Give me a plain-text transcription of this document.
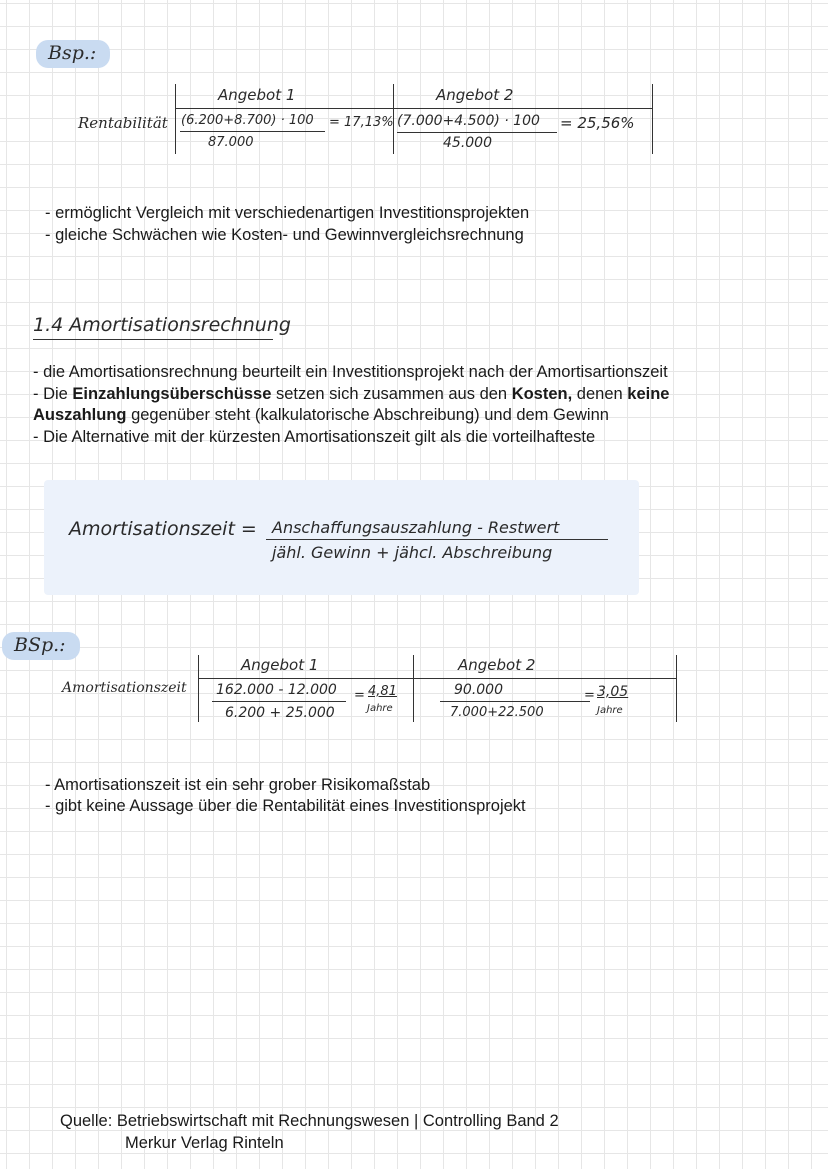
Bsp.:
Rentabilität
Angebot 1	Angebot 2
(6.200+8.700) · 100
87.000
= 17,13% (7.000+4.500) · 100
45.000
= 25,56%
- ermöglicht Vergleich mit verschiedenartigen Investitionsprojekten
- gleiche Schwächen wie Kosten- und Gewinnvergleichsrechnung
1.4 Amortisationsrechnung
- die Amortisationsrechnung beurteilt ein Investitionsprojekt nach der Amortisartionszeit
- Die Einzahlungsüberschüsse setzen sich zusammen aus den Kosten, denen keine
Auszahlung gegenüber steht (kalkulatorische Abschreibung) und dem Gewinn
- Die Alternative mit der kürzesten Amortisationszeit gilt als die vorteilhafteste
Amortisationszeit = Anschaffungsauszahlung - Restwert
jähl. Gewinn + jähcl. Abschreibung
BSp.:
Amortisationszeit
Angebot 1	Angebot 2
162.000 - 12.000
6.200 + 25.000
= 4,81
Jahre
90.000
7.000+22.500
= 3,05
Jahre
- Amortisationszeit ist ein sehr grober Risikomaßstab
- gibt keine Aussage über die Rentabilität eines Investitionsprojekt
Quelle: Betriebswirtschaft mit Rechnungswesen | Controlling Band 2
Merkur Verlag Rinteln
